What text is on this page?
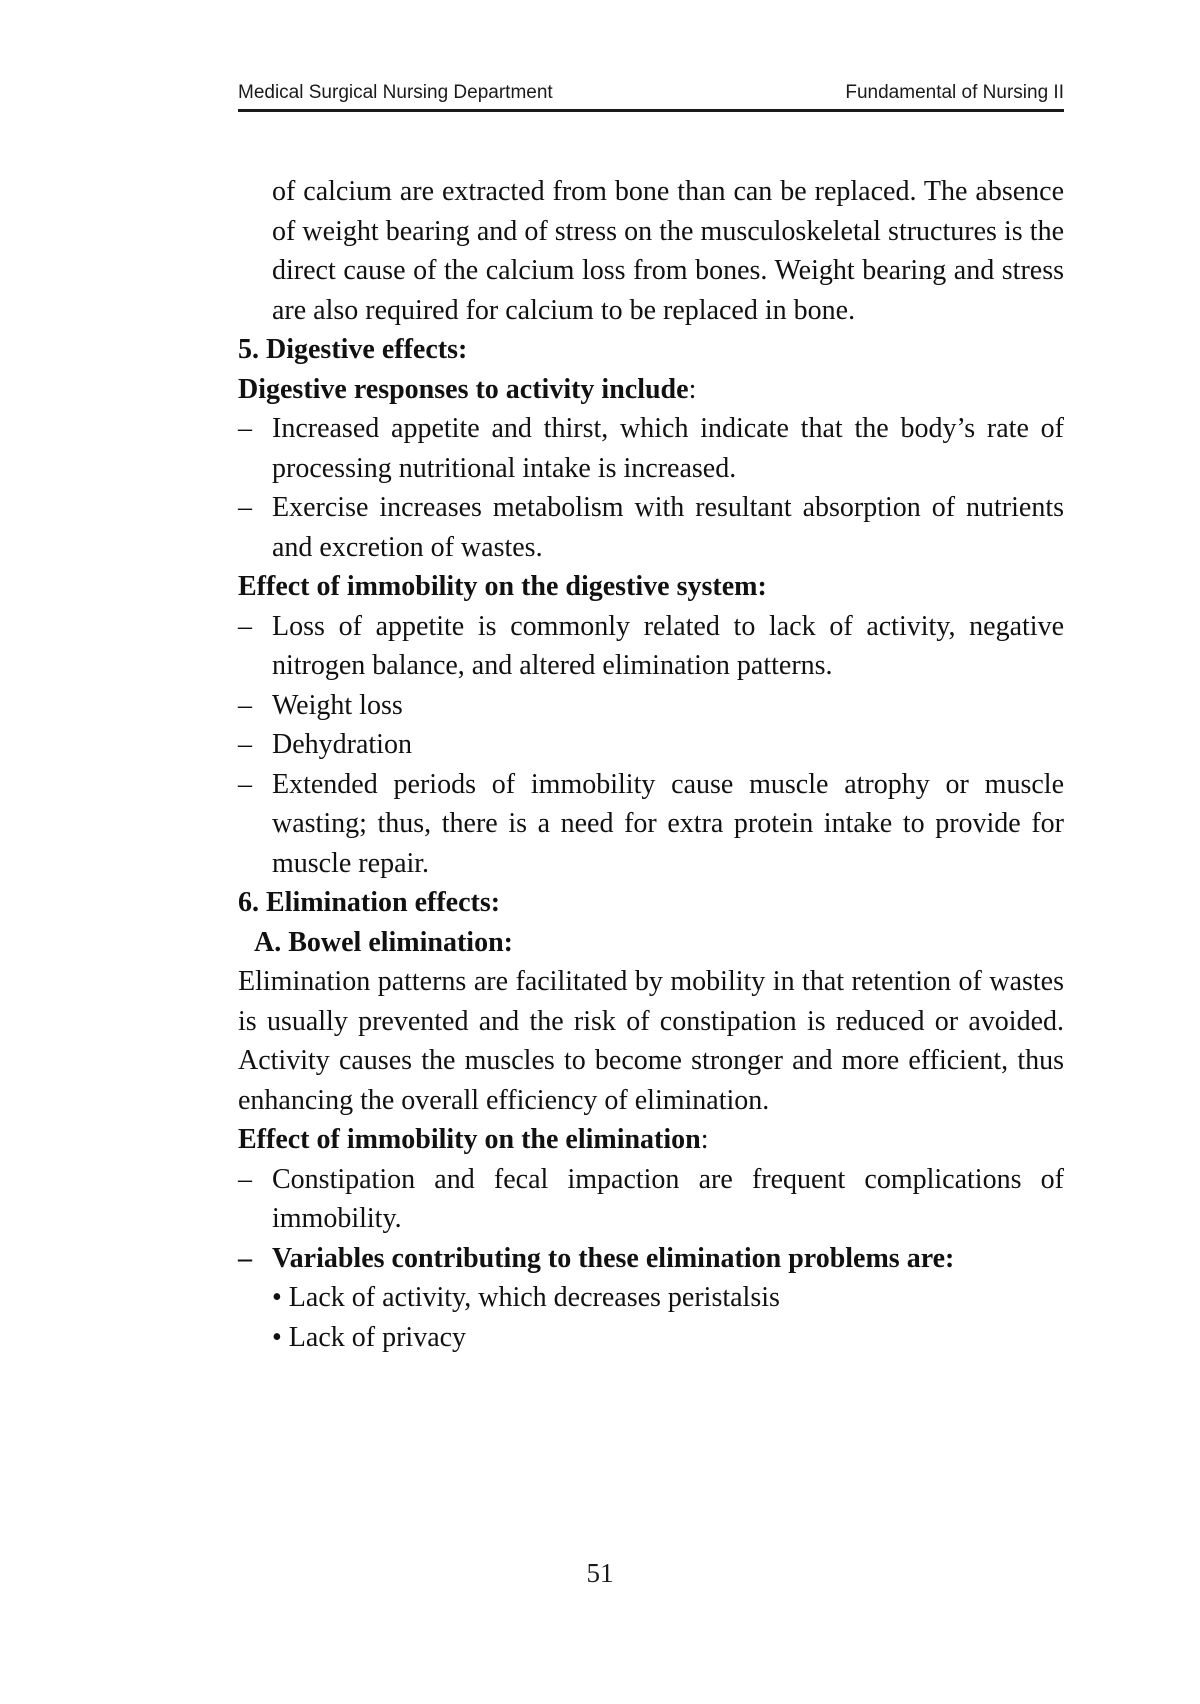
Medical Surgical Nursing Department	Fundamental of Nursing II

of calcium are extracted from bone than can be replaced. The absence of weight bearing and of stress on the musculoskeletal structures is the direct cause of the calcium loss from bones. Weight bearing and stress are also required for calcium to be replaced in bone.

5. Digestive effects:

Digestive responses to activity include:

– Increased appetite and thirst, which indicate that the body’s rate of processing nutritional intake is increased.

– Exercise increases metabolism with resultant absorption of nutrients and excretion of wastes.

Effect of immobility on the digestive system:

– Loss of appetite is commonly related to lack of activity, negative nitrogen balance, and altered elimination patterns.

– Weight loss

– Dehydration

– Extended periods of immobility cause muscle atrophy or muscle wasting; thus, there is a need for extra protein intake to provide for muscle repair.

6. Elimination effects:

A. Bowel elimination:

Elimination patterns are facilitated by mobility in that retention of wastes is usually prevented and the risk of constipation is reduced or avoided. Activity causes the muscles to become stronger and more efficient, thus enhancing the overall efficiency of elimination.

Effect of immobility on the elimination:

– Constipation and fecal impaction are frequent complications of immobility.

– Variables contributing to these elimination problems are:

• Lack of activity, which decreases peristalsis

• Lack of privacy

51
